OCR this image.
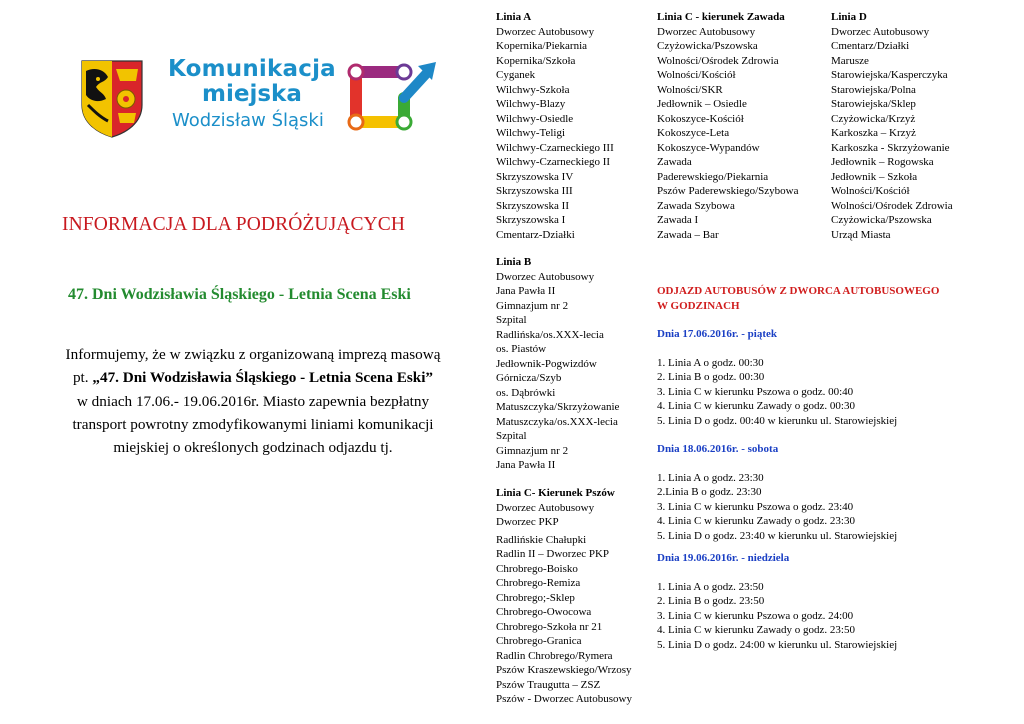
Komunikacja
miejska
Wodzisław Śląski
INFORMACJA DLA PODRÓŻUJĄCYCH
47. Dni Wodzisławia Śląskiego - Letnia Scena Eski
Informujemy, że w związku z organizowaną imprezą masową
pt. „47. Dni Wodzisławia Śląskiego - Letnia Scena Eski”
w dniach 17.06.- 19.06.2016r. Miasto zapewnia bezpłatny
transport powrotny zmodyfikowanymi liniami komunikacji
miejskiej o określonych godzinach odjazdu tj.
Linia A
Dworzec Autobusowy
Kopernika/Piekarnia
Kopernika/Szkoła
Cyganek
Wilchwy-Szkoła
Wilchwy-Blazy
Wilchwy-Osiedle
Wilchwy-Teligi
Wilchwy-Czarneckiego III
Wilchwy-Czarneckiego II
Skrzyszowska IV
Skrzyszowska III
Skrzyszowska II
Skrzyszowska I
Cmentarz-Działki
Linia C - kierunek Zawada
Dworzec Autobusowy
Czyżowicka/Pszowska
Wolności/Ośrodek Zdrowia
Wolności/Kościół
Wolności/SKR
Jedłownik – Osiedle
Kokoszyce-Kościół
Kokoszyce-Leta
Kokoszyce-Wypandów
Zawada
Paderewskiego/Piekarnia
Pszów Paderewskiego/Szybowa
Zawada Szybowa
Zawada I
Zawada – Bar
Linia D
Dworzec Autobusowy
Cmentarz/Działki
Marusze
Starowiejska/Kasperczyka
Starowiejska/Polna
Starowiejska/Sklep
Czyżowicka/Krzyż
Karkoszka – Krzyż
Karkoszka - Skrzyżowanie
Jedłownik – Rogowska
Jedłownik – Szkoła
Wolności/Kościół
Wolności/Ośrodek Zdrowia
Czyżowicka/Pszowska
Urząd Miasta
Linia B
Dworzec Autobusowy
Jana Pawła II
Gimnazjum nr 2
Szpital
Radlińska/os.XXX-lecia
os. Piastów
Jedłownik-Pogwizdów
Górnicza/Szyb
os. Dąbrówki
Matuszczyka/Skrzyżowanie
Matuszczyka/os.XXX-lecia
Szpital
Gimnazjum nr 2
Jana Pawła II
Linia C- Kierunek Pszów
Dworzec Autobusowy
Dworzec PKP
Radlińskie Chałupki
Radlin II – Dworzec PKP
Chrobrego-Boisko
Chrobrego-Remiza
Chrobrego;-Sklep
Chrobrego-Owocowa
Chrobrego-Szkoła nr 21
Chrobrego-Granica
Radlin Chrobrego/Rymera
Pszów Kraszewskiego/Wrzosy
Pszów Traugutta – ZSZ
Pszów - Dworzec Autobusowy
ODJAZD AUTOBUSÓW Z DWORCA AUTOBUSOWEGO
W GODZINACH
Dnia 17.06.2016r. - piątek
1. Linia A o godz. 00:30
2. Linia B o godz. 00:30
3. Linia C w kierunku Pszowa o godz. 00:40
4. Linia C w kierunku Zawady o godz. 00:30
5. Linia D o godz. 00:40 w kierunku ul. Starowiejskiej
Dnia 18.06.2016r. - sobota
1. Linia A o godz. 23:30
2.Linia B o godz. 23:30
3. Linia C w kierunku Pszowa o godz. 23:40
4. Linia C w kierunku Zawady o godz. 23:30
5. Linia D o godz. 23:40 w kierunku ul. Starowiejskiej
Dnia 19.06.2016r. - niedziela
1. Linia A o godz. 23:50
2. Linia B o godz. 23:50
3. Linia C w kierunku Pszowa o godz. 24:00
4. Linia C w kierunku Zawady o godz. 23:50
5. Linia D o godz. 24:00 w kierunku ul. Starowiejskiej
